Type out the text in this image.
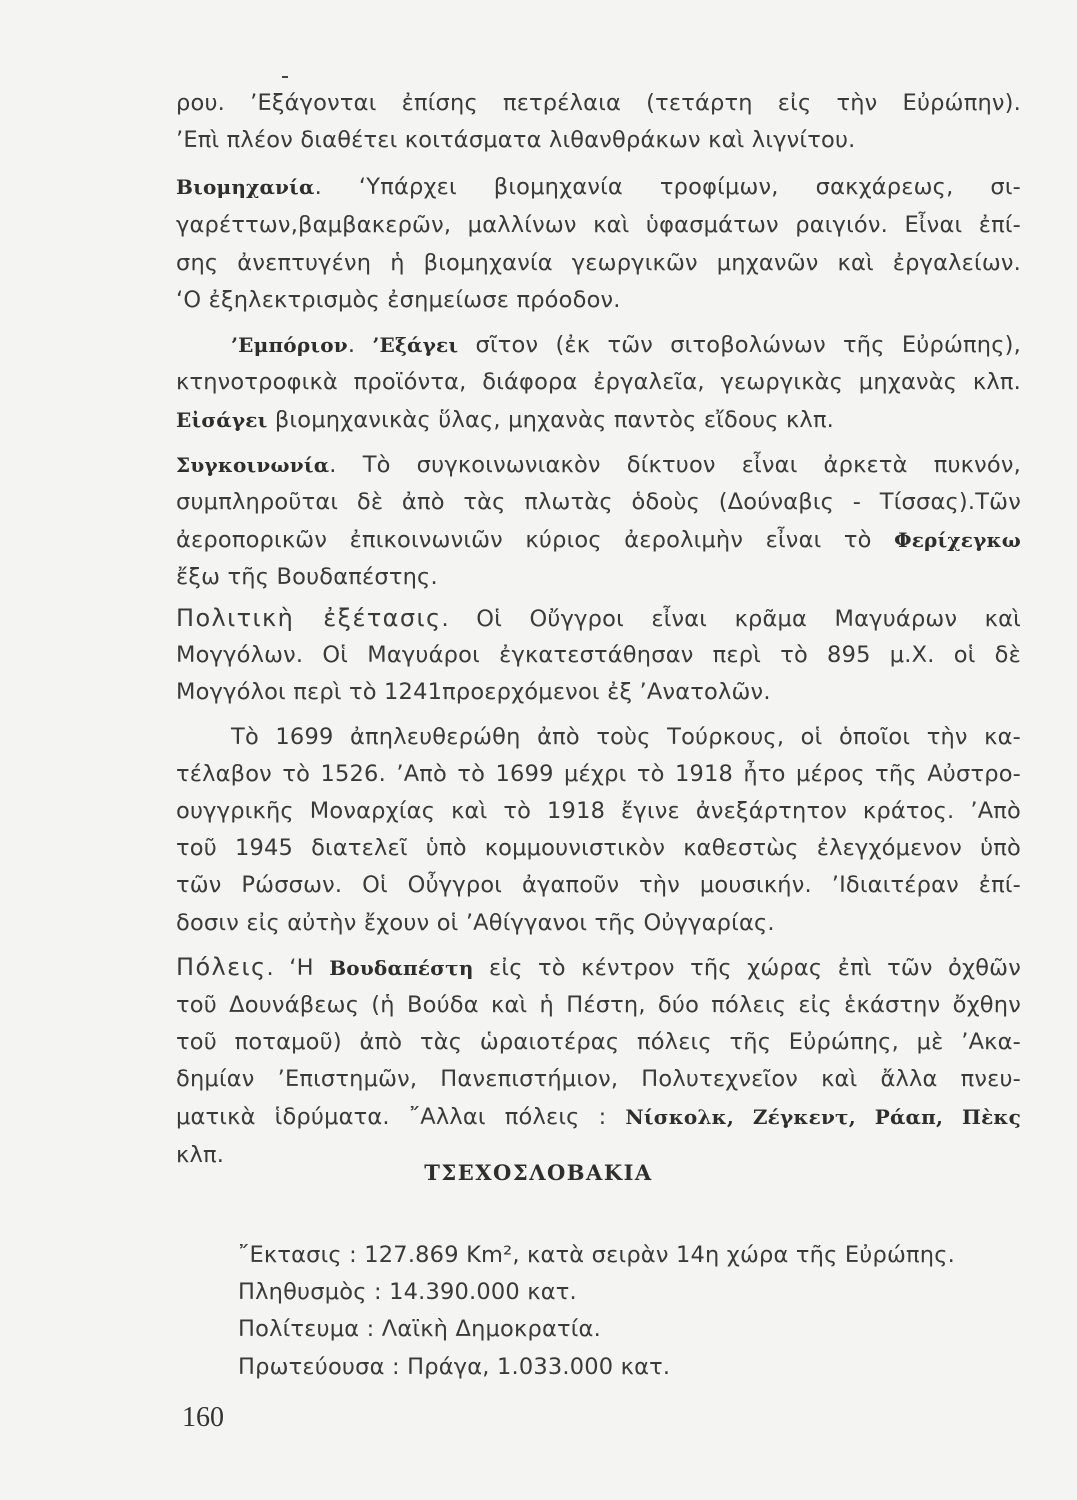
ρου. ’Εξάγονται ἐπίσης πετρέλαια (τετάρτη εἰς τὴν Εὐρώπην).
’Επὶ πλέον διαθέτει κοιτάσματα λιθανθράκων καὶ λιγνίτου.
Βιομηχανία. ‘Υπάρχει βιομηχανία τροφίμων, σακχάρεως, σι-
γαρέττων,βαμβακερῶν, μαλλίνων καὶ ὑφασμάτων ραιγιόν. Εἶναι ἐπί-
σης ἀνεπτυγένη ἡ βιομηχανία γεωργικῶν μηχανῶν καὶ ἐργαλείων.
‘Ο ἐξηλεκτρισμὸς ἐσημείωσε πρόοδον.
’Εμπόριον. ’Εξάγει σῖτον (ἐκ τῶν σιτοβολώνων τῆς Εὐρώπης),
κτηνοτροφικὰ προϊόντα, διάφορα ἐργαλεῖα, γεωργικὰς μηχανὰς κλπ.
Εἰσάγει βιομηχανικὰς ὕλας, μηχανὰς παντὸς εἴδους κλπ.
Συγκοινωνία. Τὸ συγκοινωνιακὸν δίκτυον εἶναι ἀρκετὰ πυκνόν,
συμπληροῦται δὲ ἀπὸ τὰς πλωτὰς ὁδοὺς (Δούναβις - Τίσσας).Τῶν
ἀεροπορικῶν ἐπικοινωνιῶν κύριος ἀερολιμὴν εἶναι τὸ Φερίχεγκω
ἔξω τῆς Βουδαπέστης.
Πολιτικὴ ἐξέτασις. Οἱ Οὔγγροι εἶναι κρᾶμα Μαγυάρων καὶ
Μογγόλων. Οἱ Μαγυάροι ἐγκατεστάθησαν περὶ τὸ 895 μ.Χ. οἱ δὲ
Μογγόλοι περὶ τὸ 1241προερχόμενοι ἐξ ’Ανατολῶν.
Τὸ 1699 ἀπηλευθερώθη ἀπὸ τοὺς Τούρκους, οἱ ὁποῖοι τὴν κα-
τέλαβον τὸ 1526. ’Απὸ τὸ 1699 μέχρι τὸ 1918 ἦτο μέρος τῆς Αὐστρο-
ουγγρικῆς Μοναρχίας καὶ τὸ 1918 ἔγινε ἀνεξάρτητον κράτος. ’Απὸ
τοῦ 1945 διατελεῖ ὑπὸ κομμουνιστικὸν καθεστὼς ἐλεγχόμενον ὑπὸ
τῶν Ρώσσων. Οἱ Οὖγγροι ἀγαποῦν τὴν μουσικήν. ’Ιδιαιτέραν ἐπί-
δοσιν εἰς αὐτὴν ἔχουν οἱ ’Αθίγγανοι τῆς Οὐγγαρίας.
Πόλεις. ‘Η Βουδαπέστη εἰς τὸ κέντρον τῆς χώρας ἐπὶ τῶν ὀχθῶν
τοῦ Δουνάβεως (ἡ Βούδα καὶ ἡ Πέστη, δύο πόλεις εἰς ἑκάστην ὄχθην
τοῦ ποταμοῦ) ἀπὸ τὰς ὡραιοτέρας πόλεις τῆς Εὐρώπης, μὲ ’Ακα-
δημίαν ’Επιστημῶν, Πανεπιστήμιον, Πολυτεχνεῖον καὶ ἄλλα πνευ-
ματικὰ ἱδρύματα. ῎Αλλαι πόλεις : Νίσκολκ, Ζέγκεντ, Ράαπ, Πὲκς
κλπ.
ΤΣΕΧΟΣΛΟΒΑΚΙΑ
῎Εκτασις : 127.869 Km², κατὰ σειρὰν 14η χώρα τῆς Εὐρώπης.
Πληθυσμὸς : 14.390.000 κατ.
Πολίτευμα : Λαϊκὴ Δημοκρατία.
Πρωτεύουσα : Πράγα, 1.033.000 κατ.
160
